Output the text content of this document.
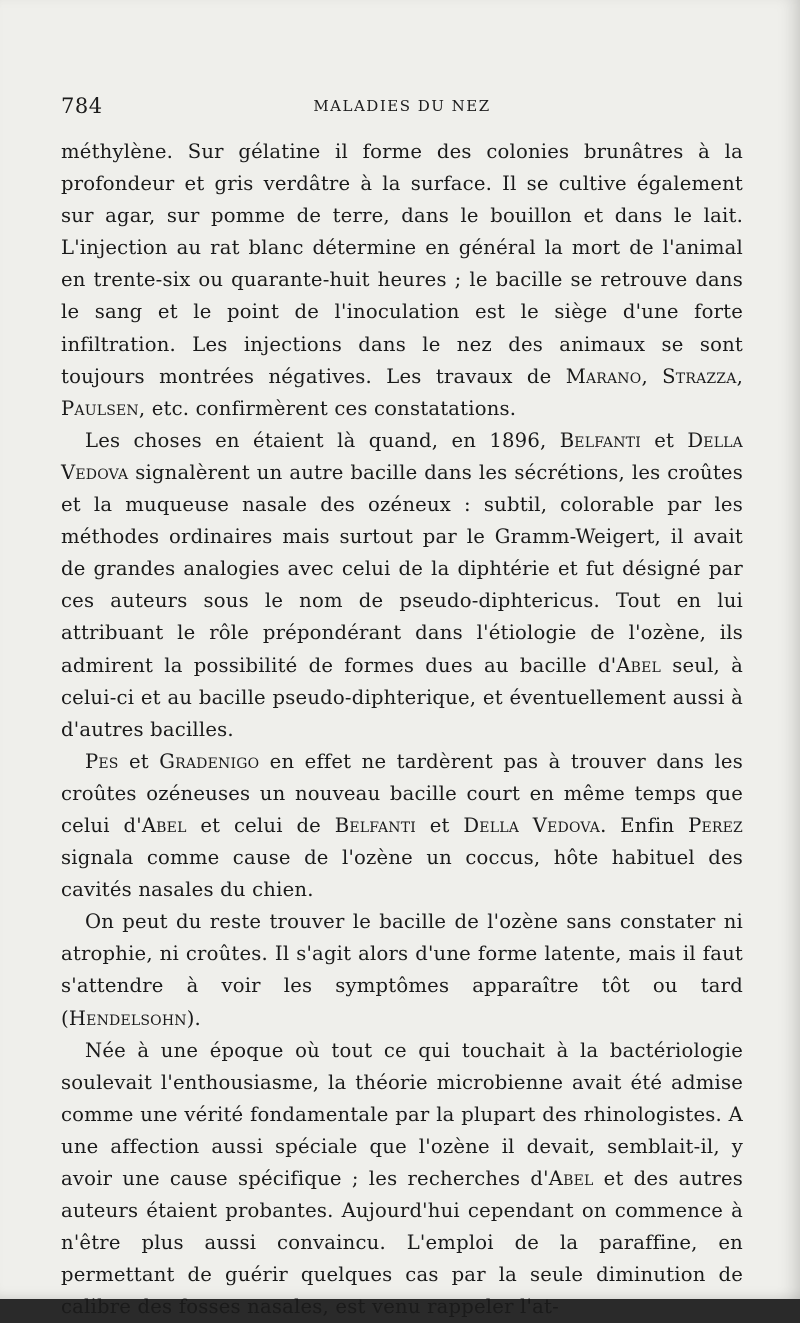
784	MALADIES DU NEZ

méthylène. Sur gélatine il forme des colonies brunâtres à la profondeur et gris verdâtre à la surface. Il se cultive également sur agar, sur pomme de terre, dans le bouillon et dans le lait. L'injection au rat blanc détermine en général la mort de l'animal en trente-six ou quarante-huit heures ; le bacille se retrouve dans le sang et le point de l'inoculation est le siège d'une forte infiltration. Les injections dans le nez des animaux se sont toujours montrées négatives. Les travaux de Marano, Strazza, Paulsen, etc. confirmèrent ces constatations.

Les choses en étaient là quand, en 1896, Belfanti et Della Vedova signalèrent un autre bacille dans les sécrétions, les croûtes et la muqueuse nasale des ozéneux : subtil, colorable par les méthodes ordinaires mais surtout par le Gramm-Weigert, il avait de grandes analogies avec celui de la diphtérie et fut désigné par ces auteurs sous le nom de pseudo-diphtericus. Tout en lui attribuant le rôle prépondérant dans l'étiologie de l'ozène, ils admirent la possibilité de formes dues au bacille d'Abel seul, à celui-ci et au bacille pseudo-diphterique, et éventuellement aussi à d'autres bacilles.

Pes et Gradenigo en effet ne tardèrent pas à trouver dans les croûtes ozéneuses un nouveau bacille court en même temps que celui d'Abel et celui de Belfanti et Della Vedova. Enfin Perez signala comme cause de l'ozène un coccus, hôte habituel des cavités nasales du chien.

On peut du reste trouver le bacille de l'ozène sans constater ni atrophie, ni croûtes. Il s'agit alors d'une forme latente, mais il faut s'attendre à voir les symptômes apparaître tôt ou tard (Hendelsohn).

Née à une époque où tout ce qui touchait à la bactériologie soulevait l'enthousiasme, la théorie microbienne avait été admise comme une vérité fondamentale par la plupart des rhinologistes. A une affection aussi spéciale que l'ozène il devait, semblait-il, y avoir une cause spécifique ; les recherches d'Abel et des autres auteurs étaient probantes. Aujourd'hui cependant on commence à n'être plus aussi convaincu. L'emploi de la paraffine, en permettant de guérir quelques cas par la seule diminution de calibre des fosses nasales, est venu rappeler l'at-
